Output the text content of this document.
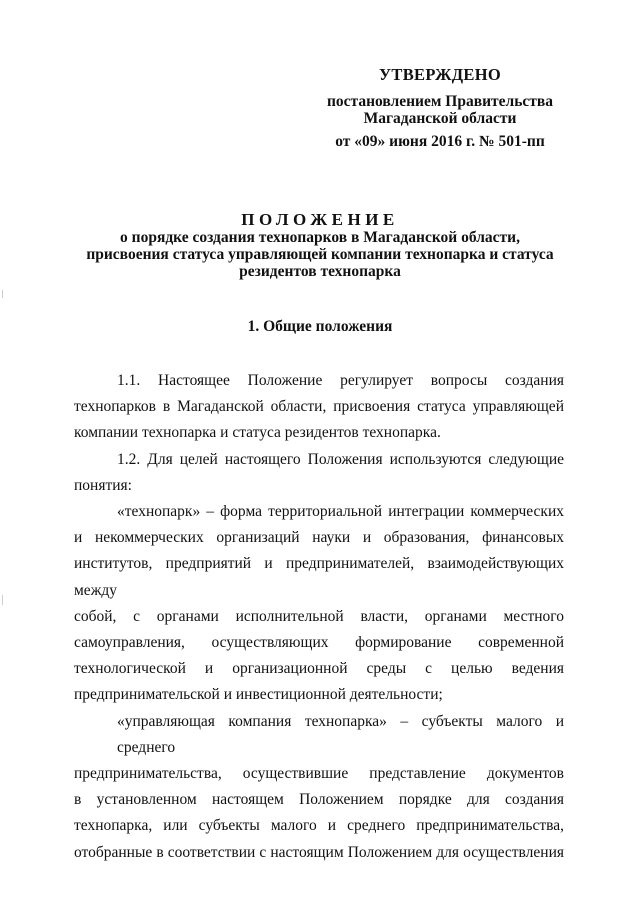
УТВЕРЖДЕНО
постановлением Правительства
Магаданской области
от «09» июня 2016 г. № 501-пп
ПОЛОЖЕНИЕ
о порядке создания технопарков в Магаданской области,
присвоения статуса управляющей компании технопарка и статуса
резидентов технопарка
1. Общие положения
1.1. Настоящее Положение регулирует вопросы создания
технопарков в Магаданской области, присвоения статуса управляющей
компании технопарка и статуса резидентов технопарка.
1.2. Для целей настоящего Положения используются следующие
понятия:
«технопарк» – форма территориальной интеграции коммерческих
и некоммерческих организаций науки и образования, финансовых
институтов, предприятий и предпринимателей, взаимодействующих между
собой, с органами исполнительной власти, органами местного
самоуправления, осуществляющих формирование современной
технологической и организационной среды с целью ведения
предпринимательской и инвестиционной деятельности;
«управляющая компания технопарка» – субъекты малого и среднего
предпринимательства, осуществившие представление документов
в установленном настоящем Положением порядке для создания
технопарка, или субъекты малого и среднего предпринимательства,
отобранные в соответствии с настоящим Положением для осуществления
